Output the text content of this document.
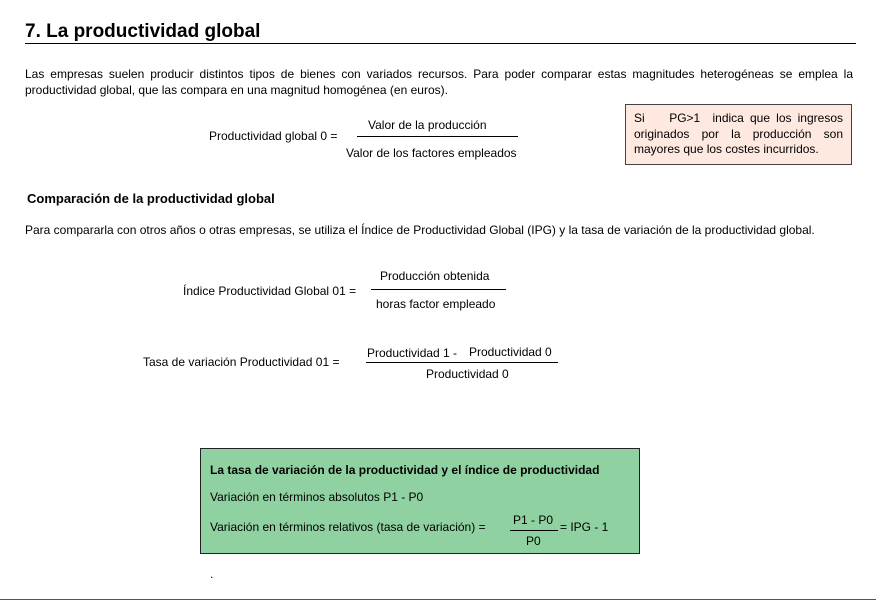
7. La productividad global
Las empresas suelen producir distintos tipos de bienes con variados recursos. Para poder comparar estas magnitudes heterogéneas se emplea la productividad global, que las compara en una magnitud homogénea (en euros).
Productividad global 0 =
Valor de la producción
Valor de los factores empleados
Si    PG>1  indica que los ingresos originados por la producción son mayores que los costes incurridos.
Comparación de la productividad global
Para compararla con otros años o otras empresas, se utiliza el Índice de Productividad Global (IPG) y la tasa de variación de la productividad global.
Índice Productividad Global 01 =
Producción obtenida
horas factor empleado
Tasa de variación Productividad 01 =
Productividad 1 - Productividad 0
Productividad 0
La tasa de variación de la productividad y el índice de productividad
Variación en términos absolutos P1 - P0
Variación en términos relativos (tasa de variación) = P1 - P0
P0
= IPG - 1
.
